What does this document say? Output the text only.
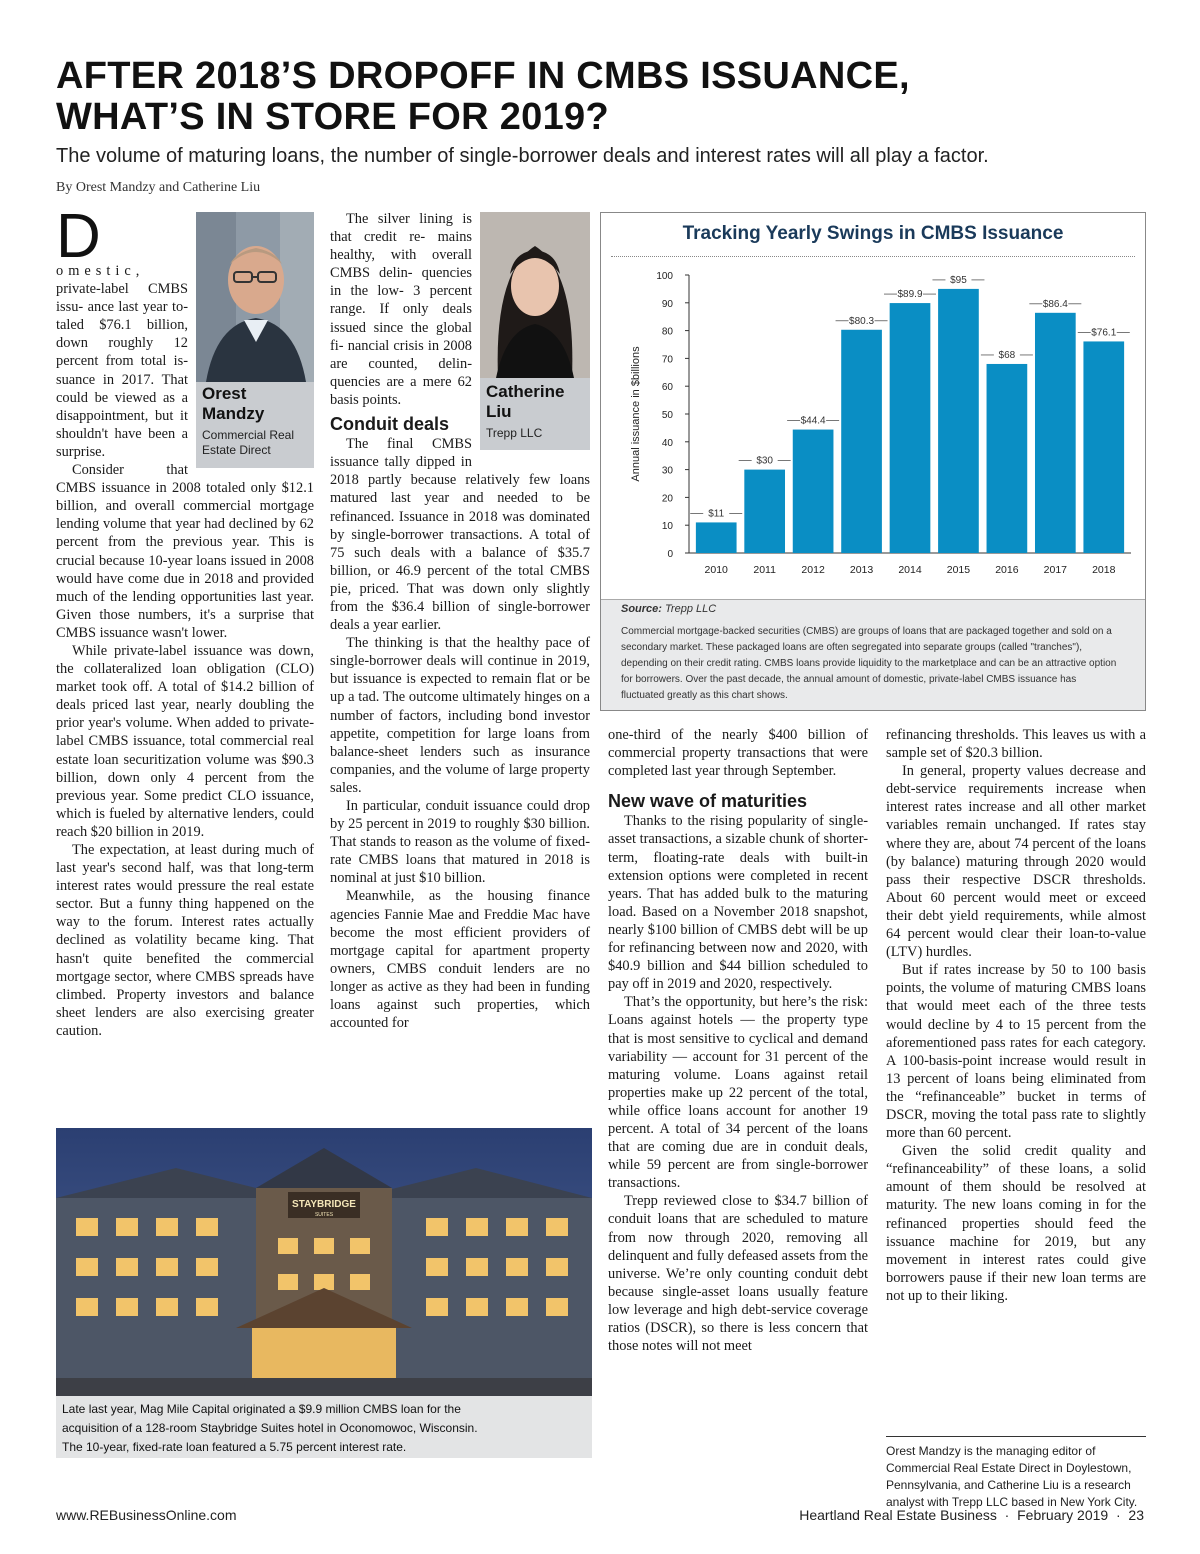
AFTER 2018’S DROPOFF IN CMBS ISSUANCE,
WHAT’S IN STORE FOR 2019?
The volume of maturing loans, the number of single-borrower deals and interest rates will all play a factor.
By Orest Mandzy and Catherine Liu
Orest
Mandzy
Commercial Real
Estate Direct

D
omestic, private-label CMBS issu- ance last year to- taled $76.1 billion, down roughly 12 percent from total is- suance in 2017. That could be viewed as a disappointment, but it shouldn't have been a surprise.

Consider that CMBS issuance in 2008 totaled only $12.1 billion, and overall commercial mortgage lending volume that year had declined by 62 percent from the previous year. This is crucial because 10-year loans issued in 2008 would have come due in 2018 and provided much of the lending opportunities last year. Given those numbers, it's a surprise that CMBS issuance wasn't lower.

While private-label issuance was down, the collateralized loan obligation (CLO) market took off. A total of $14.2 billion of deals priced last year, nearly doubling the prior year's volume. When added to private-label CMBS issuance, total commercial real estate loan securitization volume was $90.3 billion, down only 4 percent from the previous year. Some predict CLO issuance, which is fueled by alternative lenders, could reach $20 billion in 2019.

The expectation, at least during much of last year's second half, was that long-term interest rates would pressure the real estate sector. But a funny thing happened on the way to the forum. Interest rates actually declined as volatility became king. That hasn't quite benefited the commercial mortgage sector, where CMBS spreads have climbed. Property investors and balance sheet lenders are also exercising greater caution.

Catherine
Liu
Trepp LLC

The silver lining is that credit re- mains healthy, with overall CMBS delin- quencies in the low- 3 percent range. If only deals issued since the global fi- nancial crisis in 2008 are counted, delin- quencies are a mere 62 basis points.

Conduit deals

The final CMBS issuance tally dipped in 2018 partly because relatively few loans matured last year and needed to be refinanced. Issuance in 2018 was dominated by single-borrower transactions. A total of 75 such deals with a balance of $35.7 billion, or 46.9 percent of the total CMBS pie, priced. That was down only slightly from the $36.4 billion of single-borrower deals a year earlier.

The thinking is that the healthy pace of single-borrower deals will continue in 2019, but issuance is expected to remain flat or be up a tad. The outcome ultimately hinges on a number of factors, including bond investor appetite, competition for large loans from balance-sheet lenders such as insurance companies, and the volume of large property sales.

In particular, conduit issuance could drop by 25 percent in 2019 to roughly $30 billion. That stands to reason as the volume of fixed-rate CMBS loans that matured in 2018 is nominal at just $10 billion.

Meanwhile, as the housing finance agencies Fannie Mae and Freddie Mac have become the most efficient providers of mortgage capital for apartment property owners, CMBS conduit lenders are no longer as active as they had been in funding loans against such properties, which accounted for

Tracking Yearly Swings in CMBS Issuance
0
10
20
30
40
50
60
70
80
90
100
Annual issuance in $billions
$11
2010
$30
2011
$44.4
2012
$80.3
2013
$89.9
2014
$95
2015
$68
2016
$86.4
2017
$76.1
2018
Source: Trepp LLC
Commercial mortgage-backed securities (CMBS) are groups of loans that are packaged together and sold on a secondary market. These packaged loans are often segregated into separate groups (called "tranches"), depending on their credit rating. CMBS loans provide liquidity to the marketplace and can be an attractive option for borrowers. Over the past decade, the annual amount of domestic, private-label CMBS issuance has fluctuated greatly as this chart shows.

one-third of the nearly $400 billion of commercial property transactions that were completed last year through September.

New wave of maturities

Thanks to the rising popularity of single-asset transactions, a sizable chunk of shorter-term, floating-rate deals with built-in extension options were completed in recent years. That has added bulk to the maturing load. Based on a November 2018 snapshot, nearly $100 billion of CMBS debt will be up for refinancing between now and 2020, with $40.9 billion and $44 billion scheduled to pay off in 2019 and 2020, respectively.

That’s the opportunity, but here’s the risk: Loans against hotels — the property type that is most sensitive to cyclical and demand variability — account for 31 percent of the maturing volume. Loans against retail properties make up 22 percent of the total, while office loans account for another 19 percent. A total of 34 percent of the loans that are coming due are in conduit deals, while 59 percent are from single-borrower transactions.

Trepp reviewed close to $34.7 billion of conduit loans that are scheduled to mature from now through 2020, removing all delinquent and fully defeased assets from the universe. We’re only counting conduit debt because single-asset loans usually feature low leverage and high debt-service coverage ratios (DSCR), so there is less concern that those notes will not meet

refinancing thresholds. This leaves us with a sample set of $20.3 billion.

In general, property values decrease and debt-service requirements increase when interest rates increase and all other market variables remain unchanged. If rates stay where they are, about 74 percent of the loans (by balance) maturing through 2020 would pass their respective DSCR thresholds. About 60 percent would meet or exceed their debt yield requirements, while almost 64 percent would clear their loan-to-value (LTV) hurdles.

But if rates increase by 50 to 100 basis points, the volume of maturing CMBS loans that would meet each of the three tests would decline by 4 to 15 percent from the aforementioned pass rates for each category. A 100-basis-point increase would result in 13 percent of loans being eliminated from the “refinanceable” bucket in terms of DSCR, moving the total pass rate to slightly more than 60 percent.

Given the solid credit quality and “refinanceability” of these loans, a solid amount of them should be resolved at maturity. The new loans coming in for the refinanced properties should feed the issuance machine for 2019, but any movement in interest rates could give borrowers pause if their new loan terms are not up to their liking.

STAYBRIDGE
SUITES
Late last year, Mag Mile Capital originated a $9.9 million CMBS loan for the
acquisition of a 128-room Staybridge Suites hotel in Oconomowoc, Wisconsin.
The 10-year, fixed-rate loan featured a 5.75 percent interest rate.	Orest Mandzy is the managing editor of Commercial Real Estate Direct in Doylestown, Pennsylvania, and Catherine Liu is a research analyst with Trepp LLC based in New York City.
www.REBusinessOnline.com	Heartland Real Estate Business · February 2019 · 23
